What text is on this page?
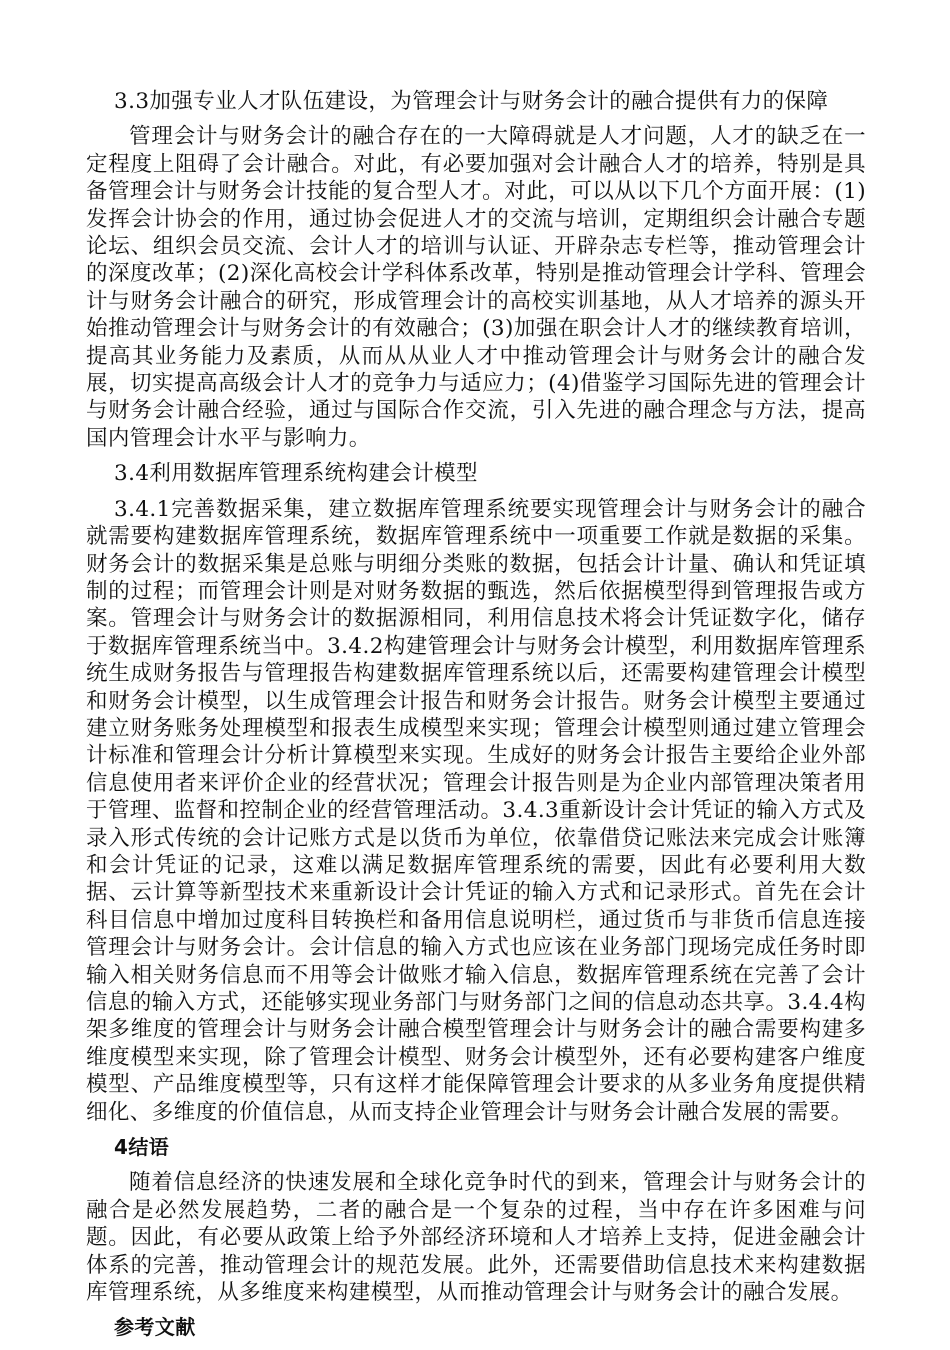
3.3加强专业人才队伍建设，为管理会计与财务会计的融合提供有力的保障

管理会计与财务会计的融合存在的一大障碍就是人才问题，人才的缺乏在一定程度上阻碍了会计融合。对此，有必要加强对会计融合人才的培养，特别是具备管理会计与财务会计技能的复合型人才。对此，可以从以下几个方面开展：(1)发挥会计协会的作用，通过协会促进人才的交流与培训，定期组织会计融合专题论坛、组织会员交流、会计人才的培训与认证、开辟杂志专栏等，推动管理会计的深度改革；(2)深化高校会计学科体系改革，特别是推动管理会计学科、管理会计与财务会计融合的研究，形成管理会计的高校实训基地，从人才培养的源头开始推动管理会计与财务会计的有效融合；(3)加强在职会计人才的继续教育培训，提高其业务能力及素质，从而从从业人才中推动管理会计与财务会计的融合发展，切实提高高级会计人才的竞争力与适应力；(4)借鉴学习国际先进的管理会计与财务会计融合经验，通过与国际合作交流，引入先进的融合理念与方法，提高国内管理会计水平与影响力。

3.4利用数据库管理系统构建会计模型

3.4.1完善数据采集，建立数据库管理系统要实现管理会计与财务会计的融合就需要构建数据库管理系统，数据库管理系统中一项重要工作就是数据的采集。财务会计的数据采集是总账与明细分类账的数据，包括会计计量、确认和凭证填制的过程；而管理会计则是对财务数据的甄选，然后依据模型得到管理报告或方案。管理会计与财务会计的数据源相同，利用信息技术将会计凭证数字化，储存于数据库管理系统当中。3.4.2构建管理会计与财务会计模型，利用数据库管理系统生成财务报告与管理报告构建数据库管理系统以后，还需要构建管理会计模型和财务会计模型，以生成管理会计报告和财务会计报告。财务会计模型主要通过建立财务账务处理模型和报表生成模型来实现；管理会计模型则通过建立管理会计标准和管理会计分析计算模型来实现。生成好的财务会计报告主要给企业外部信息使用者来评价企业的经营状况；管理会计报告则是为企业内部管理决策者用于管理、监督和控制企业的经营管理活动。3.4.3重新设计会计凭证的输入方式及录入形式传统的会计记账方式是以货币为单位，依靠借贷记账法来完成会计账簿和会计凭证的记录，这难以满足数据库管理系统的需要，因此有必要利用大数据、云计算等新型技术来重新设计会计凭证的输入方式和记录形式。首先在会计科目信息中增加过度科目转换栏和备用信息说明栏，通过货币与非货币信息连接管理会计与财务会计。会计信息的输入方式也应该在业务部门现场完成任务时即输入相关财务信息而不用等会计做账才输入信息，数据库管理系统在完善了会计信息的输入方式，还能够实现业务部门与财务部门之间的信息动态共享。3.4.4构架多维度的管理会计与财务会计融合模型管理会计与财务会计的融合需要构建多维度模型来实现，除了管理会计模型、财务会计模型外，还有必要构建客户维度模型、产品维度模型等，只有这样才能保障管理会计要求的从多业务角度提供精细化、多维度的价值信息，从而支持企业管理会计与财务会计融合发展的需要。

4结语

随着信息经济的快速发展和全球化竞争时代的到来，管理会计与财务会计的融合是必然发展趋势，二者的融合是一个复杂的过程，当中存在许多困难与问题。因此，有必要从政策上给予外部经济环境和人才培养上支持，促进金融会计体系的完善，推动管理会计的规范发展。此外，还需要借助信息技术来构建数据库管理系统，从多维度来构建模型，从而推动管理会计与财务会计的融合发展。

参考文献
